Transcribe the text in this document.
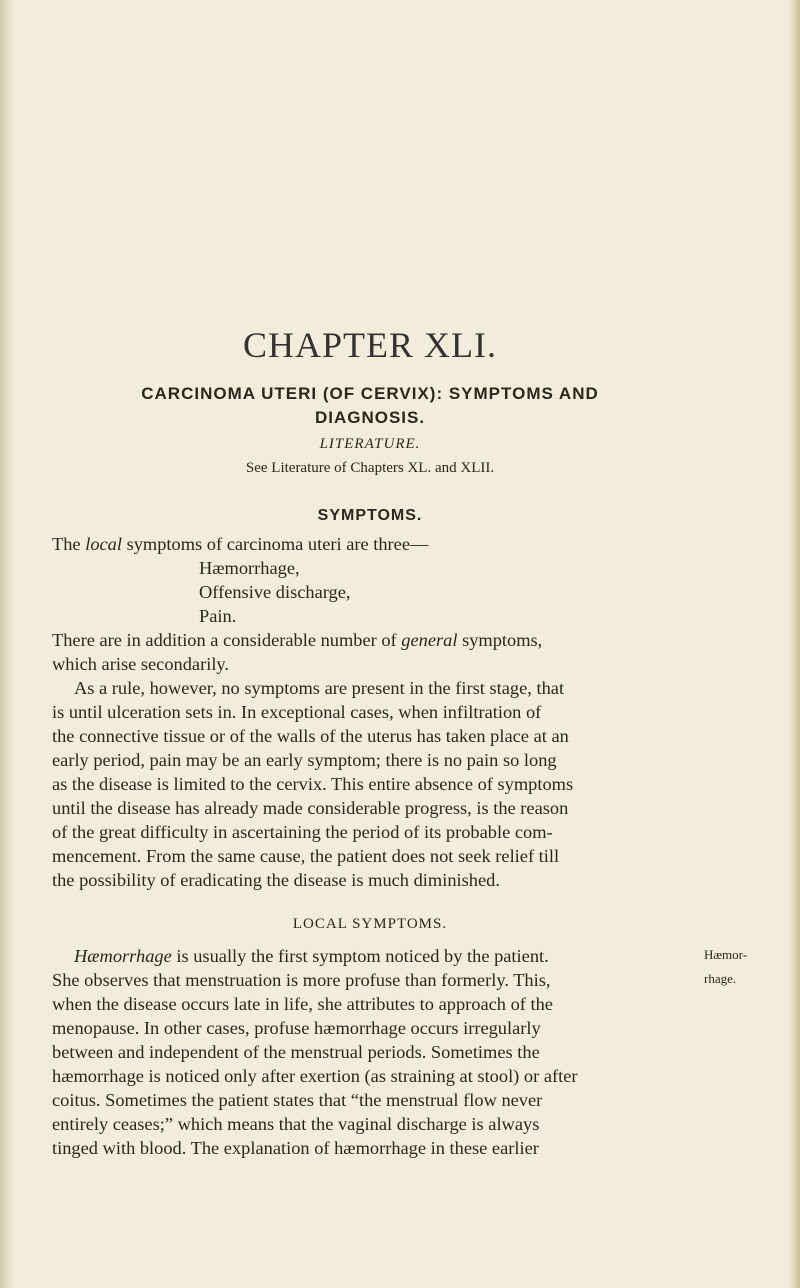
CHAPTER XLI.
CARCINOMA UTERI (OF CERVIX): SYMPTOMS AND
DIAGNOSIS.

LITERATURE.

See Literature of Chapters XL. and XLII.

SYMPTOMS.

The local symptoms of carcinoma uteri are three—

Hæmorrhage,

Offensive discharge,

Pain.

There are in addition a considerable number of general symptoms,

which arise secondarily.

As a rule, however, no symptoms are present in the first stage, that

is until ulceration sets in. In exceptional cases, when infiltration of

the connective tissue or of the walls of the uterus has taken place at an

early period, pain may be an early symptom; there is no pain so long

as the disease is limited to the cervix. This entire absence of symptoms

until the disease has already made considerable progress, is the reason

of the great difficulty in ascertaining the period of its probable com-

mencement. From the same cause, the patient does not seek relief till

the possibility of eradicating the disease is much diminished.

LOCAL SYMPTOMS.

Hæmorrhage is usually the first symptom noticed by the patient.

She observes that menstruation is more profuse than formerly. This,

when the disease occurs late in life, she attributes to approach of the

menopause. In other cases, profuse hæmorrhage occurs irregularly

between and independent of the menstrual periods. Sometimes the

hæmorrhage is noticed only after exertion (as straining at stool) or after

coitus. Sometimes the patient states that “the menstrual flow never

entirely ceases;” which means that the vaginal discharge is always

tinged with blood. The explanation of hæmorrhage in these earlier

Hæmor-

rhage.
